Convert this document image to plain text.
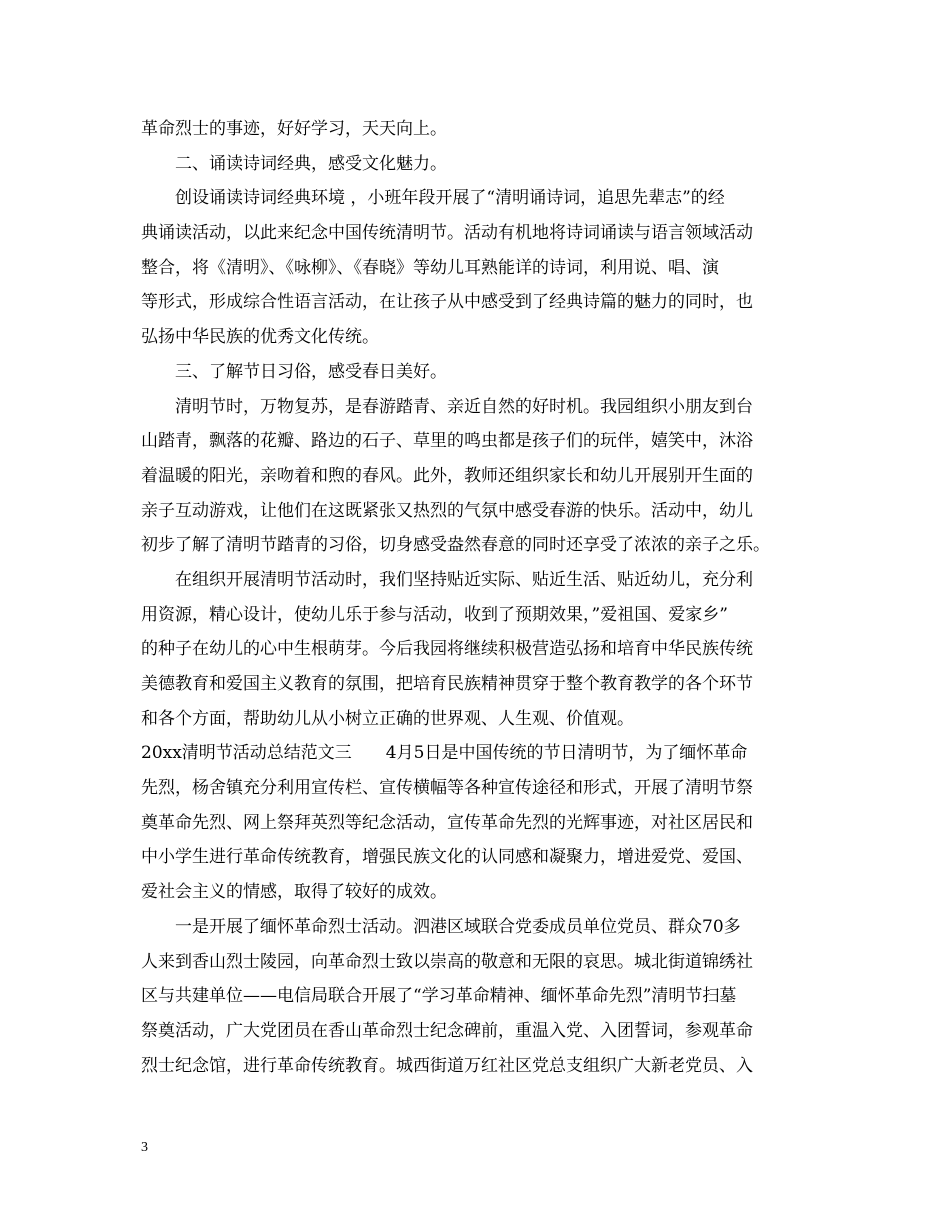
革命烈士的事迹，好好学习，天天向上。
二、诵读诗词经典，感受文化魅力。
创设诵读诗词经典环境 ，小班年段开展了“清明诵诗词，追思先辈志”的经
典诵读活动，以此来纪念中国传统清明节。活动有机地将诗词诵读与语言领域活动
整合，将《清明》、《咏柳》、《春晓》等幼儿耳熟能详的诗词，利用说、唱、演
等形式，形成综合性语言活动，在让孩子从中感受到了经典诗篇的魅力的同时，也
弘扬中华民族的优秀文化传统。
三、了解节日习俗，感受春日美好。
清明节时，万物复苏，是春游踏青、亲近自然的好时机。我园组织小朋友到台
山踏青，飘落的花瓣、路边的石子、草里的鸣虫都是孩子们的玩伴，嬉笑中，沐浴
着温暖的阳光，亲吻着和煦的春风。此外，教师还组织家长和幼儿开展别开生面的
亲子互动游戏，让他们在这既紧张又热烈的气氛中感受春游的快乐。活动中，幼儿
初步了解了清明节踏青的习俗，切身感受盎然春意的同时还享受了浓浓的亲子之乐。
在组织开展清明节活动时，我们坚持贴近实际、贴近生活、贴近幼儿，充分利
用资源，精心设计，使幼儿乐于参与活动，收到了预期效果，”爱祖国、爱家乡”
的种子在幼儿的心中生根萌芽。今后我园将继续积极营造弘扬和培育中华民族传统
美德教育和爱国主义教育的氛围，把培育民族精神贯穿于整个教育教学的各个环节
和各个方面，帮助幼儿从小树立正确的世界观、人生观、价值观。
20xx清明节活动总结范文三　　4月5日是中国传统的节日清明节，为了缅怀革命
先烈，杨舍镇充分利用宣传栏、宣传横幅等各种宣传途径和形式，开展了清明节祭
奠革命先烈、网上祭拜英烈等纪念活动，宣传革命先烈的光辉事迹，对社区居民和
中小学生进行革命传统教育，增强民族文化的认同感和凝聚力，增进爱党、爱国、
爱社会主义的情感，取得了较好的成效。
一是开展了缅怀革命烈士活动。泗港区域联合党委成员单位党员、群众70多
人来到香山烈士陵园，向革命烈士致以崇高的敬意和无限的哀思。城北街道锦绣社
区与共建单位——电信局联合开展了“学习革命精神、缅怀革命先烈”清明节扫墓
祭奠活动，广大党团员在香山革命烈士纪念碑前，重温入党、入团誓词，参观革命
烈士纪念馆，进行革命传统教育。城西街道万红社区党总支组织广大新老党员、入
3
